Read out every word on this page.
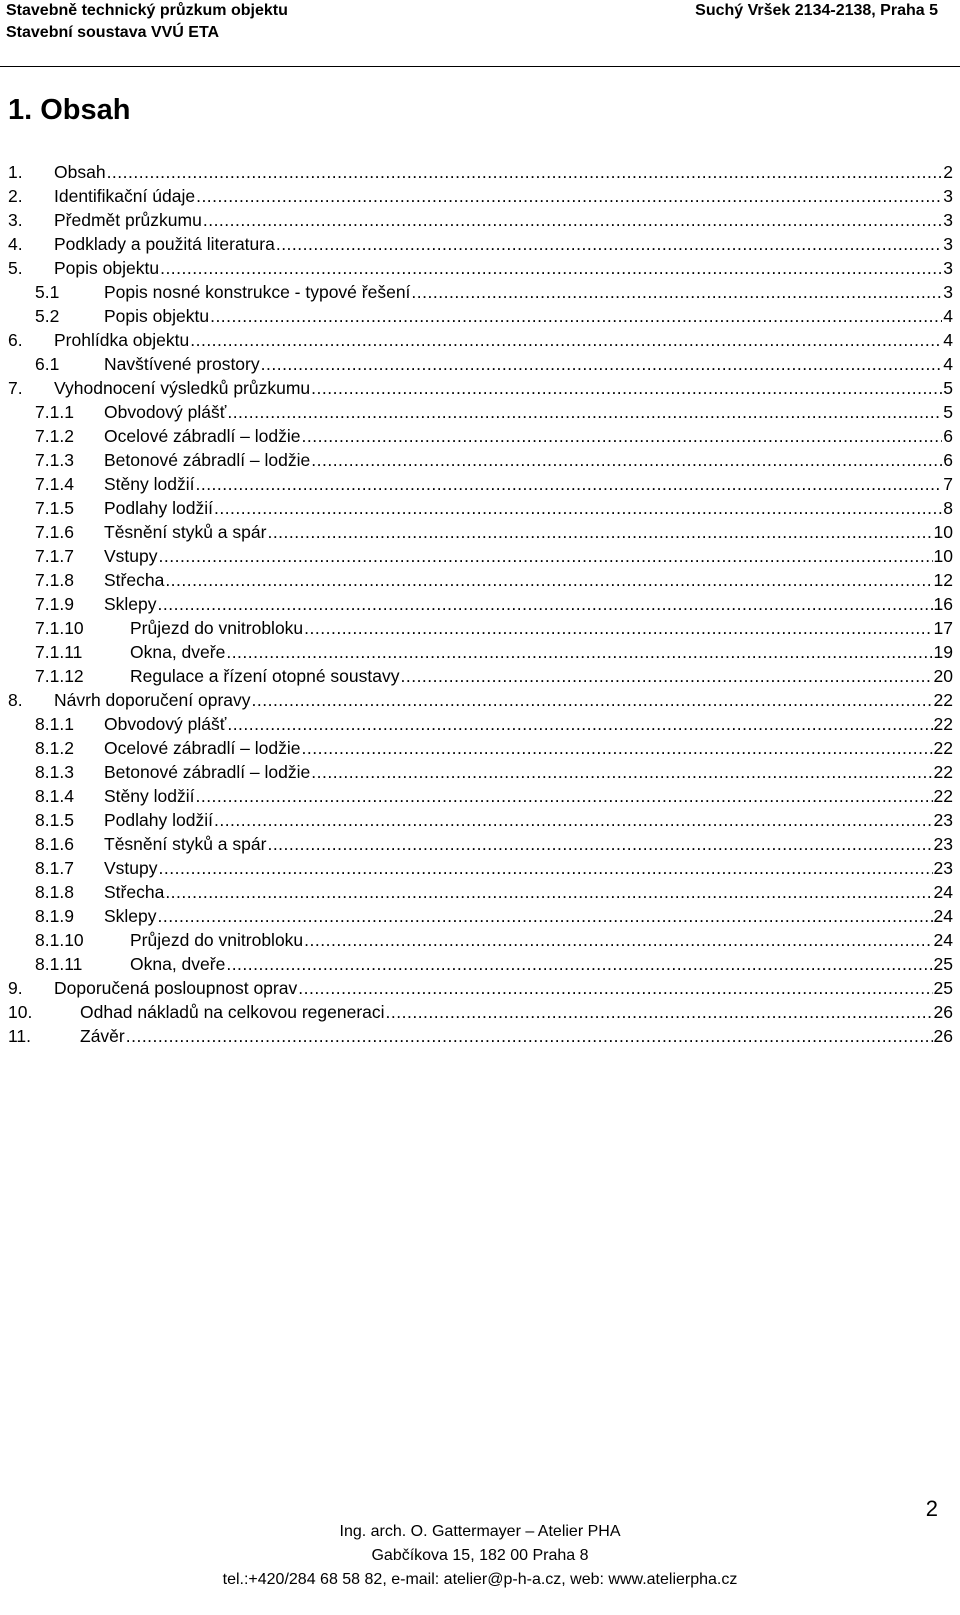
Stavebně technický průzkum objektu
Stavební soustava VVÚ ETA
Suchý Vršek 2134-2138, Praha 5
1. Obsah
1.	Obsah .....	2
2.	Identifikační údaje .....	3
3.	Předmět průzkumu .....	3
4.	Podklady a použitá literatura .....	3
5.	Popis objektu .....	3
5.1	Popis nosné konstrukce - typové řešení .....	3
5.2	Popis objektu .....	4
6.	Prohlídka objektu .....	4
6.1	Navštívené prostory .....	4
7.	Vyhodnocení výsledků průzkumu .....	5
7.1.1	Obvodový plášť .....	5
7.1.2	Ocelové zábradlí – lodžie .....	6
7.1.3	Betonové zábradlí – lodžie .....	6
7.1.4	Stěny lodžií .....	7
7.1.5	Podlahy lodžií .....	8
7.1.6	Těsnění styků a spár .....	10
7.1.7	Vstupy .....	10
7.1.8	Střecha .....	12
7.1.9	Sklepy .....	16
7.1.10	Průjezd do vnitrobloku .....	17
7.1.11	Okna, dveře .....	19
7.1.12	Regulace a řízení otopné soustavy .....	20
8.	Návrh doporučení opravy .....	22
8.1.1	Obvodový plášť .....	22
8.1.2	Ocelové zábradlí – lodžie .....	22
8.1.3	Betonové zábradlí – lodžie .....	22
8.1.4	Stěny lodžií .....	22
8.1.5	Podlahy lodžií .....	23
8.1.6	Těsnění styků a spár .....	23
8.1.7	Vstupy .....	23
8.1.8	Střecha .....	24
8.1.9	Sklepy .....	24
8.1.10	Průjezd do vnitrobloku .....	24
8.1.11	Okna, dveře .....	25
9.	Doporučená posloupnost oprav .....	25
10.	Odhad nákladů na celkovou regeneraci .....	26
11.	Závěr .....	26
2
Ing. arch. O. Gattermayer – Atelier PHA
Gabčíkova 15, 182 00 Praha 8
tel.:+420/284 68 58 82, e-mail: atelier@p-h-a.cz, web: www.atelierpha.cz
